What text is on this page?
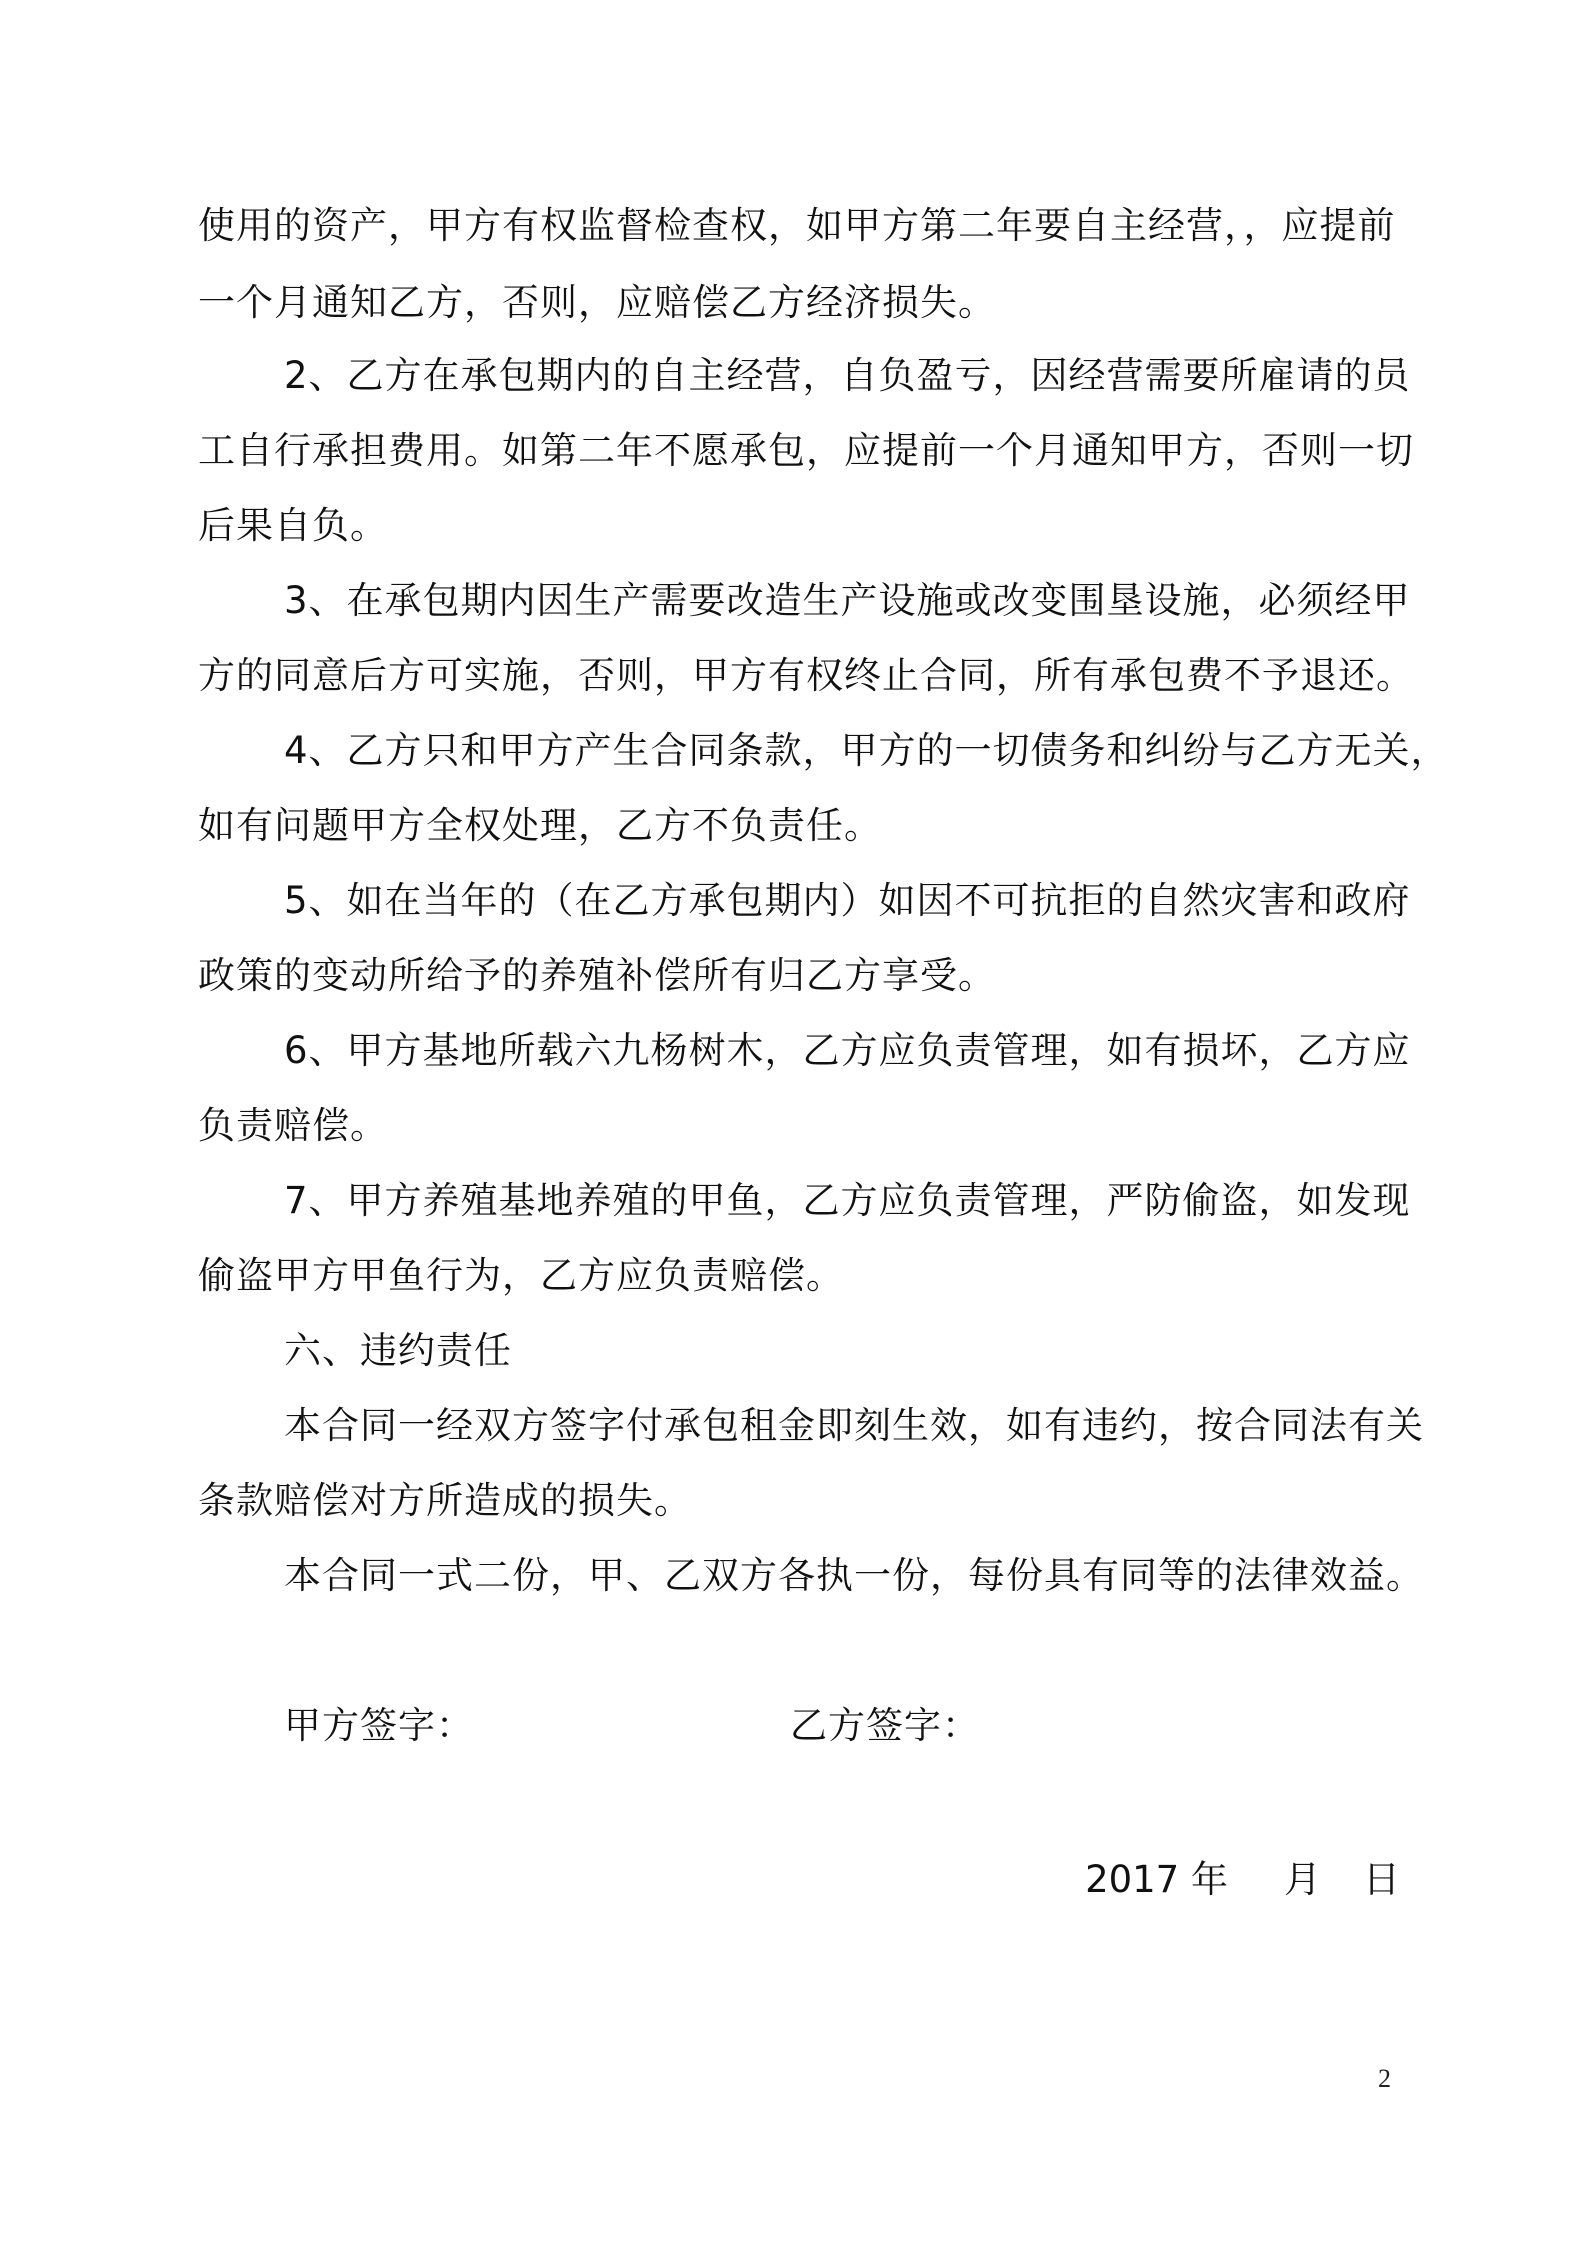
使用的资产，甲方有权监督检查权，如甲方第二年要自主经营，，应提前
一个月通知乙方，否则，应赔偿乙方经济损失。
2、乙方在承包期内的自主经营，自负盈亏，因经营需要所雇请的员
工自行承担费用。如第二年不愿承包，应提前一个月通知甲方，否则一切
后果自负。
3、在承包期内因生产需要改造生产设施或改变围垦设施，必须经甲
方的同意后方可实施，否则，甲方有权终止合同，所有承包费不予退还。
4、乙方只和甲方产生合同条款，甲方的一切债务和纠纷与乙方无关，
如有问题甲方全权处理，乙方不负责任。
5、如在当年的（在乙方承包期内）如因不可抗拒的自然灾害和政府
政策的变动所给予的养殖补偿所有归乙方享受。
6、甲方基地所载六九杨树木，乙方应负责管理，如有损坏，乙方应
负责赔偿。
7、甲方养殖基地养殖的甲鱼，乙方应负责管理，严防偷盗，如发现
偷盗甲方甲鱼行为，乙方应负责赔偿。
六、违约责任
本合同一经双方签字付承包租金即刻生效，如有违约，按合同法有关
条款赔偿对方所造成的损失。
本合同一式二份，甲、乙双方各执一份，每份具有同等的法律效益。
甲方签字：	乙方签字：
2017 年 月 日
2
